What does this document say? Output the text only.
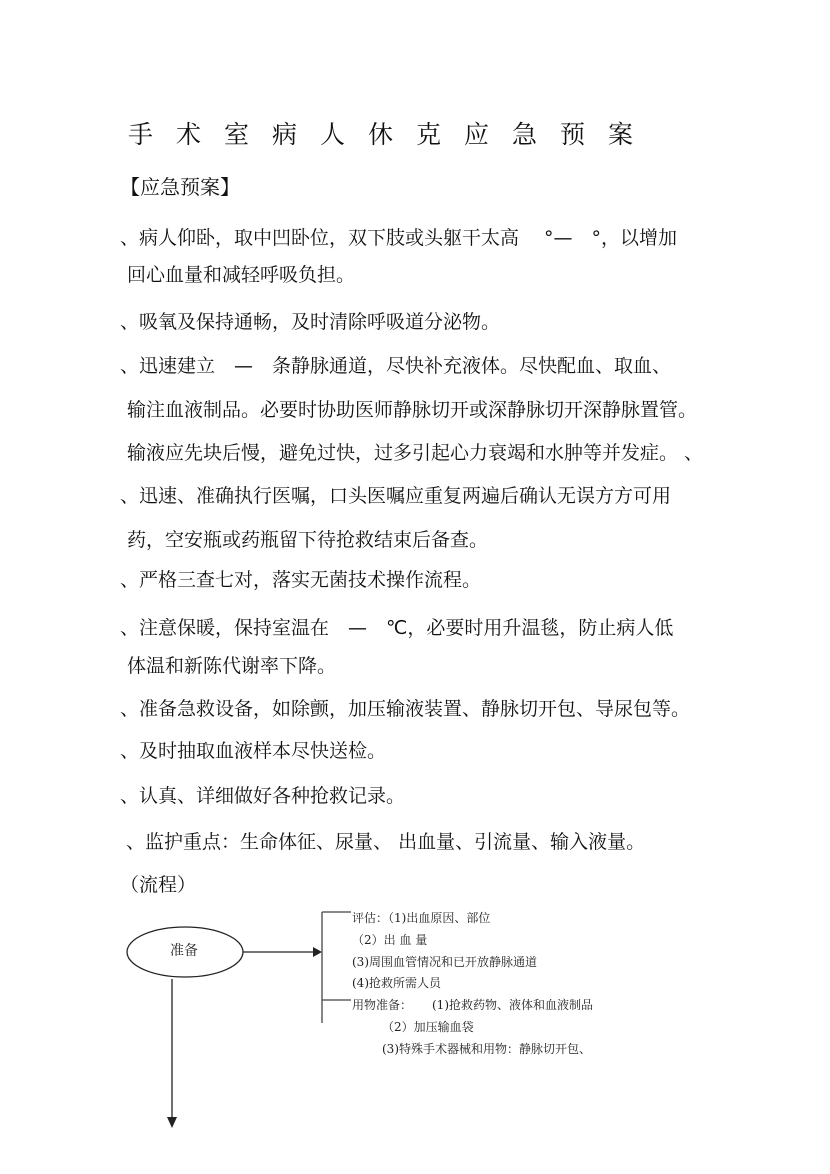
手术室病人休克应急预案
【应急预案】
、病人仰卧，取中凹卧位，双下肢或头躯干太高　 °—　°，以增加
回心血量和减轻呼吸负担。
、吸氧及保持通畅，及时清除呼吸道分泌物。
、迅速建立　—　条静脉通道，尽快补充液体。尽快配血、取血、
输注血液制品。必要时协助医师静脉切开或深静脉切开深静脉置管。
输液应先块后慢，避免过快，过多引起心力衰竭和水肿等并发症。 、
、迅速、准确执行医嘱，口头医嘱应重复两遍后确认无误方方可用
药，空安瓶或药瓶留下待抢救结束后备查。
、严格三查七对，落实无菌技术操作流程。
、注意保暖，保持室温在　—　℃，必要时用升温毯，防止病人低
体温和新陈代谢率下降。
、准备急救设备，如除颤，加压输液装置、静脉切开包、导尿包等。
、及时抽取血液样本尽快送检。
、认真、详细做好各种抢救记录。
、监护重点：生命体征、尿量、 出血量、引流量、输入液量。
（流程）
准备
评估：（1)出血原因、部位
（2）出 血 量
(3)周围血管情况和已开放静脉通道
(4)抢救所需人员
用物准备： (1)抢救药物、液体和血液制品
（2）加压输血袋
(3)特殊手术器械和用物：静脉切开包、
